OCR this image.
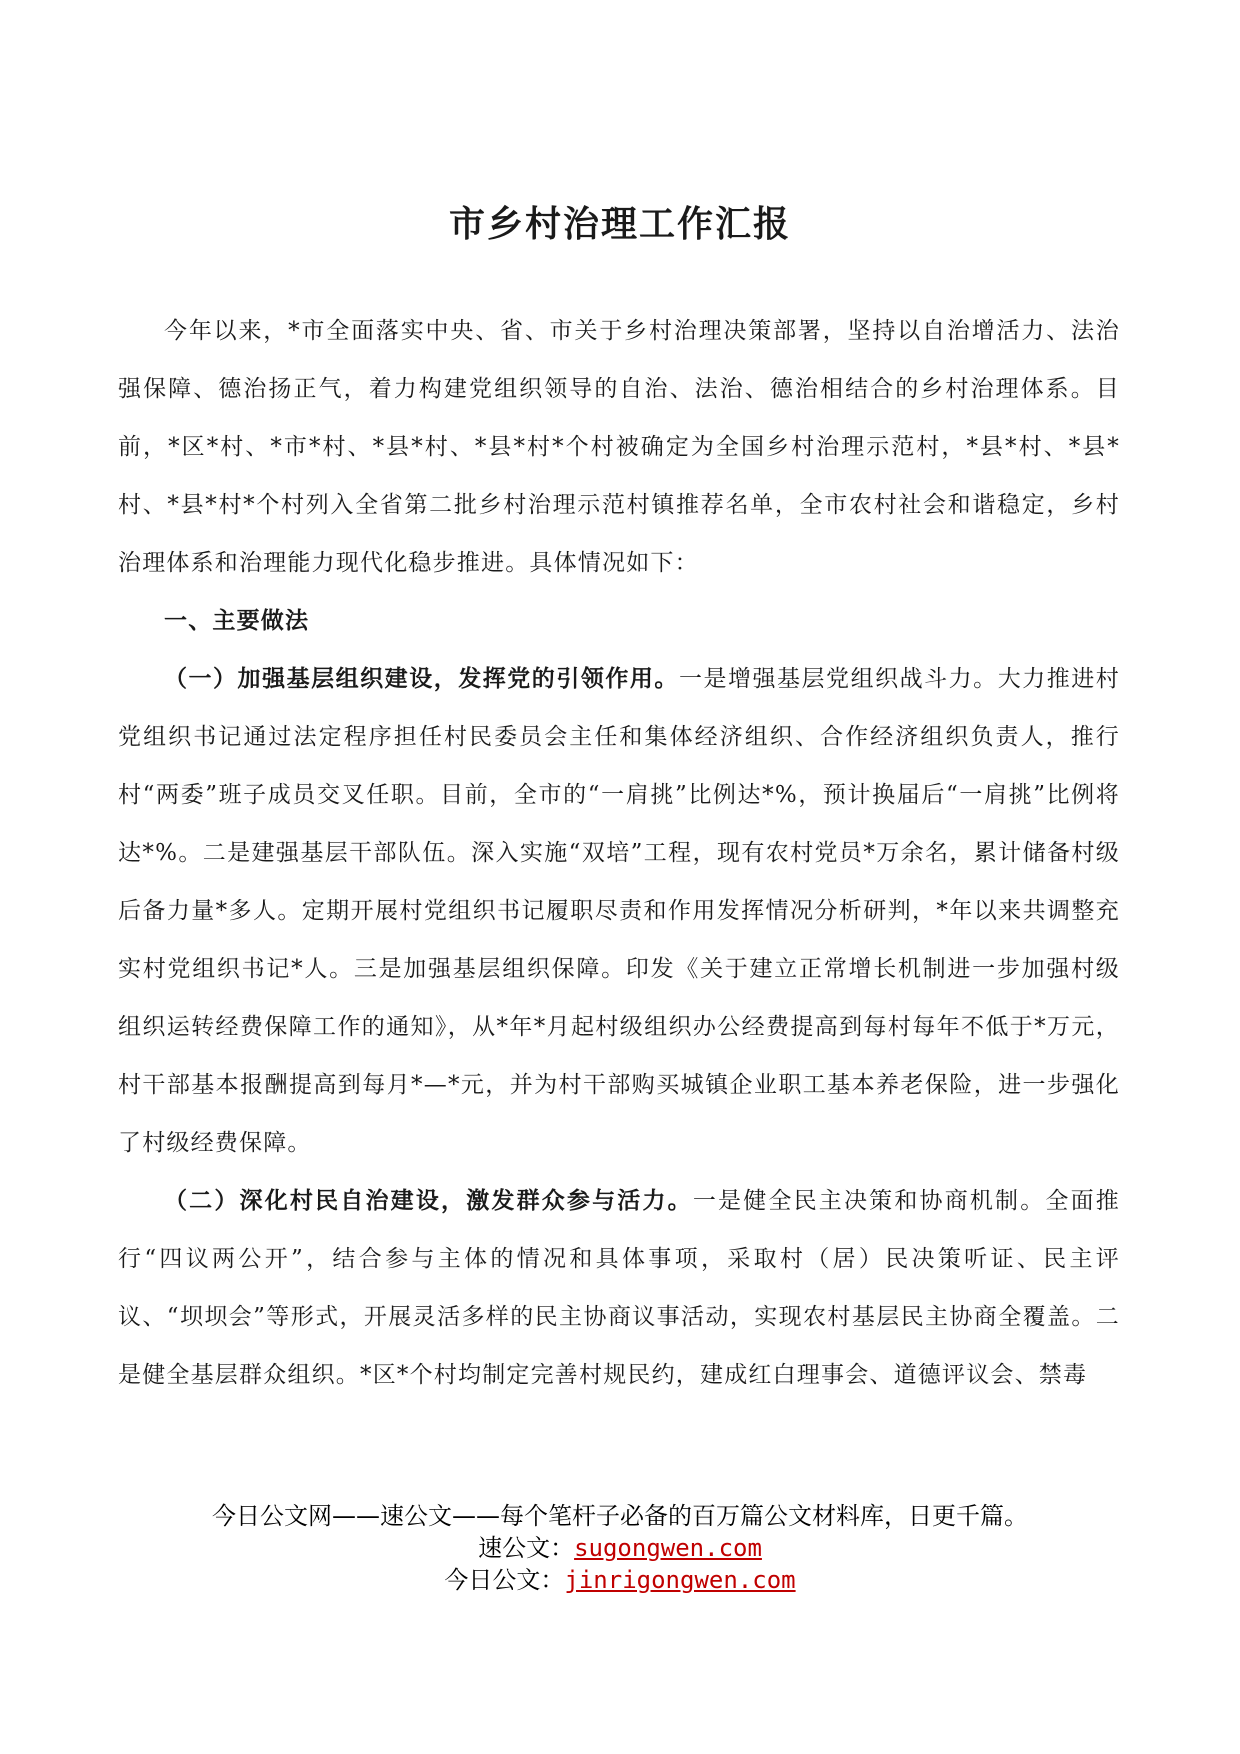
市乡村治理工作汇报

今年以来，*市全面落实中央、省、市关于乡村治理决策部署，坚持以自治增活力、法治强保障、德治扬正气，着力构建党组织领导的自治、法治、德治相结合的乡村治理体系。目前，*区*村、*市*村、*县*村、*县*村*个村被确定为全国乡村治理示范村，*县*村、*县*村、*县*村*个村列入全省第二批乡村治理示范村镇推荐名单，全市农村社会和谐稳定，乡村治理体系和治理能力现代化稳步推进。具体情况如下：

一、主要做法

（一）加强基层组织建设，发挥党的引领作用。一是增强基层党组织战斗力。大力推进村党组织书记通过法定程序担任村民委员会主任和集体经济组织、合作经济组织负责人，推行村“两委”班子成员交叉任职。目前，全市的“一肩挑”比例达*%，预计换届后“一肩挑”比例将达*%。二是建强基层干部队伍。深入实施“双培”工程，现有农村党员*万余名，累计储备村级后备力量*多人。定期开展村党组织书记履职尽责和作用发挥情况分析研判，*年以来共调整充实村党组织书记*人。三是加强基层组织保障。印发《关于建立正常增长机制进一步加强村级组织运转经费保障工作的通知》，从*年*月起村级组织办公经费提高到每村每年不低于*万元，村干部基本报酬提高到每月*—*元，并为村干部购买城镇企业职工基本养老保险，进一步强化了村级经费保障。

（二）深化村民自治建设，激发群众参与活力。一是健全民主决策和协商机制。全面推行“四议两公开”，结合参与主体的情况和具体事项，采取村（居）民决策听证、民主评议、“坝坝会”等形式，开展灵活多样的民主协商议事活动，实现农村基层民主协商全覆盖。二是健全基层群众组织。*区*个村均制定完善村规民约，建成红白理事会、道德评议会、禁毒

今日公文网——速公文——每个笔杆子必备的百万篇公文材料库，日更千篇。
速公文：sugongwen.com
今日公文：jinrigongwen.com
